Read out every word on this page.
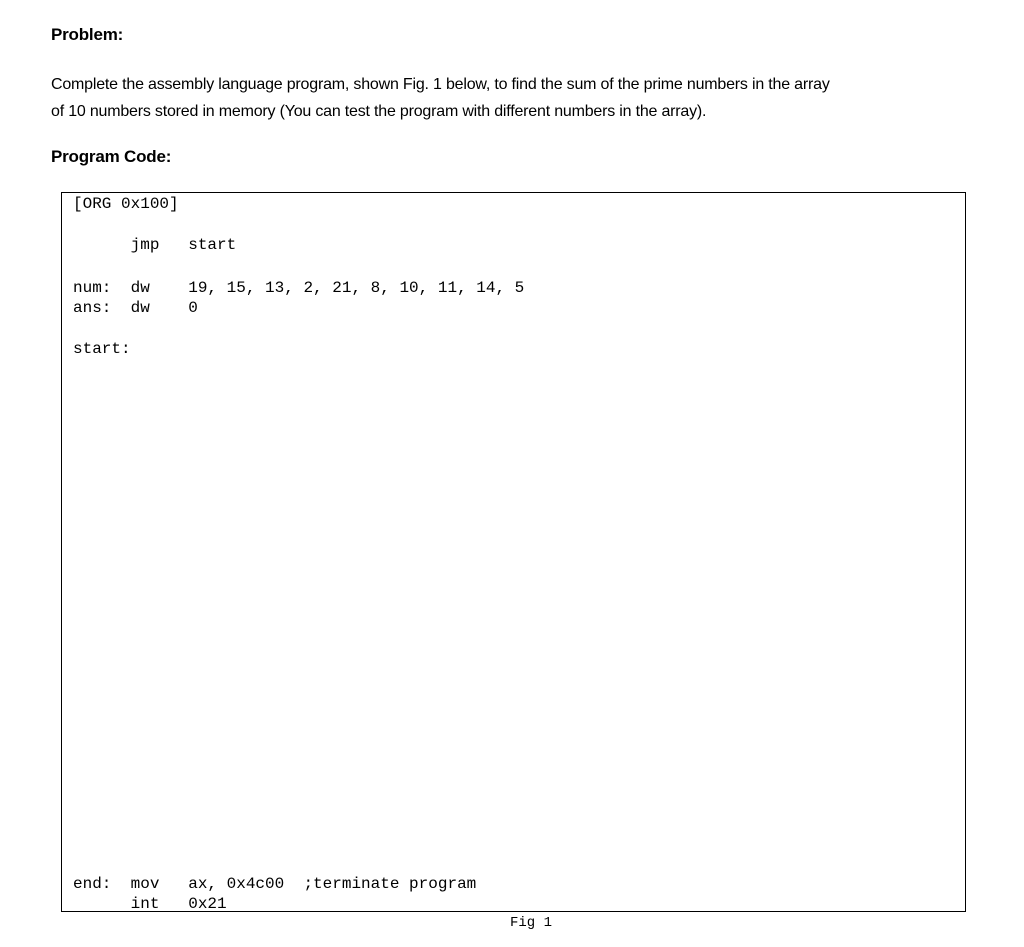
Problem:
Complete the assembly language program, shown Fig. 1 below, to find the sum of the prime numbers in the array
of 10 numbers stored in memory (You can test the program with different numbers in the array).
Program Code:
[ORG 0x100]
jmp   start
num:  dw    19, 15, 13, 2, 21, 8, 10, 11, 14, 5
ans:  dw    0
start:
end:  mov   ax, 0x4c00  ;terminate program
int   0x21
Fig 1
